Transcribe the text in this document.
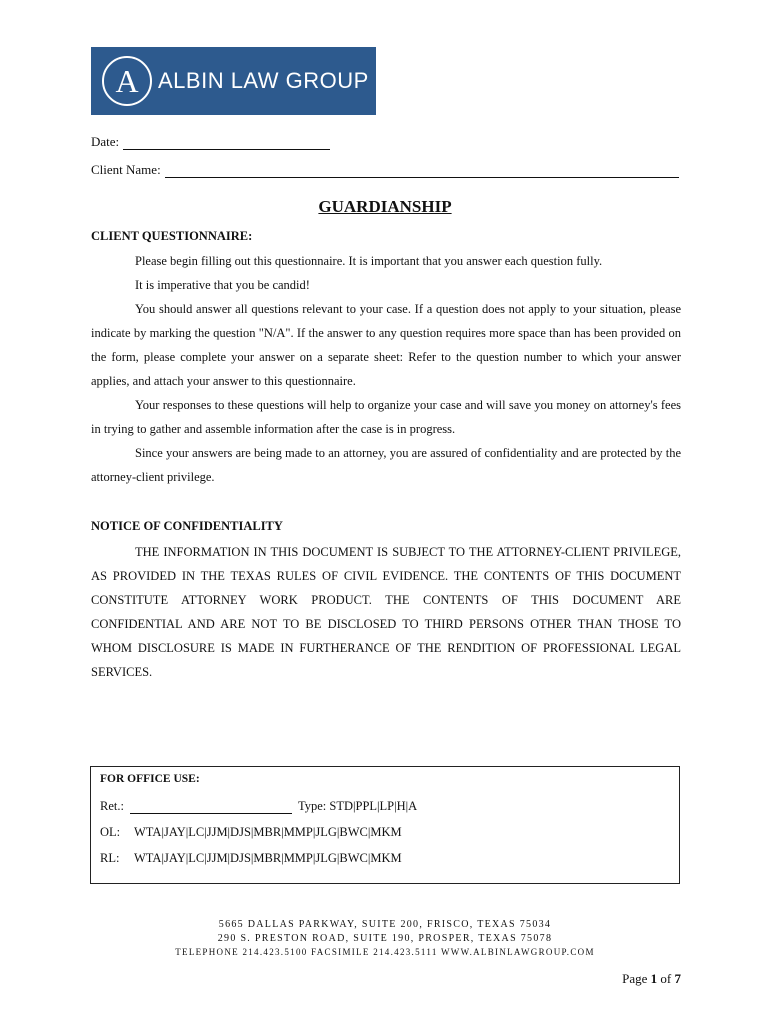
A ALBIN LAW GROUP
Date:
Client Name:
GUARDIANSHIP
CLIENT QUESTIONNAIRE:

Please begin filling out this questionnaire. It is important that you answer each question fully.

It is imperative that you be candid!

You should answer all questions relevant to your case. If a question does not apply to your situation, please indicate by marking the question "N/A". If the answer to any question requires more space than has been provided on the form, please complete your answer on a separate sheet: Refer to the question number to which your answer applies, and attach your answer to this questionnaire.

Your responses to these questions will help to organize your case and will save you money on attorney's fees in trying to gather and assemble information after the case is in progress.

Since your answers are being made to an attorney, you are assured of confidentiality and are protected by the attorney-client privilege.

NOTICE OF CONFIDENTIALITY

THE INFORMATION IN THIS DOCUMENT IS SUBJECT TO THE ATTORNEY-CLIENT PRIVILEGE, AS PROVIDED IN THE TEXAS RULES OF CIVIL EVIDENCE. THE CONTENTS OF THIS DOCUMENT CONSTITUTE ATTORNEY WORK PRODUCT. THE CONTENTS OF THIS DOCUMENT ARE CONFIDENTIAL AND ARE NOT TO BE DISCLOSED TO THIRD PERSONS OTHER THAN THOSE TO WHOM DISCLOSURE IS MADE IN FURTHERANCE OF THE RENDITION OF PROFESSIONAL LEGAL SERVICES.

FOR OFFICE USE:
Ret.:	Type: STD|PPL|LP|H|A
OL:	WTA|JAY|LC|JJM|DJS|MBR|MMP|JLG|BWC|MKM
RL:	WTA|JAY|LC|JJM|DJS|MBR|MMP|JLG|BWC|MKM
5665 DALLAS PARKWAY, SUITE 200, FRISCO, TEXAS 75034
290 S. PRESTON ROAD, SUITE 190, PROSPER, TEXAS 75078
TELEPHONE 214.423.5100 FACSIMILE 214.423.5111 WWW.ALBINLAWGROUP.COM
Page 1 of 7
